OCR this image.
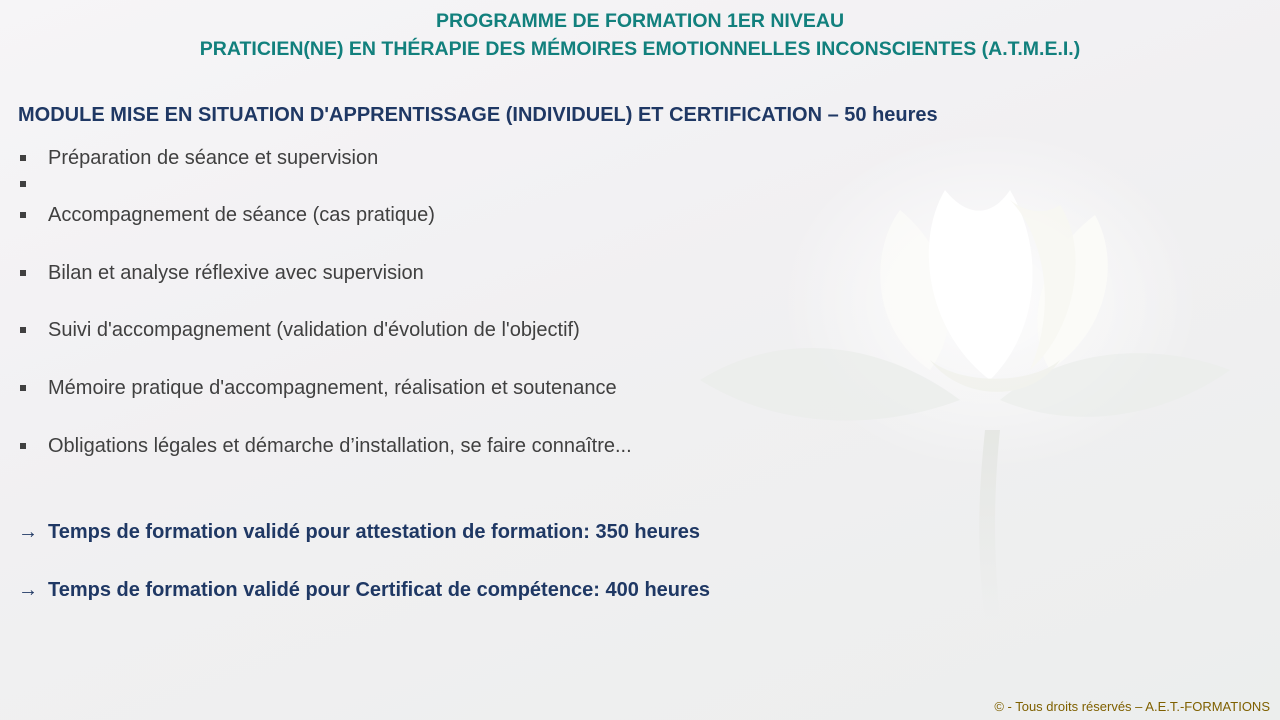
PROGRAMME DE FORMATION 1ER NIVEAU
PRATICIEN(NE) EN THÉRAPIE DES MÉMOIRES EMOTIONNELLES INCONSCIENTES (A.T.M.E.I.)
MODULE MISE EN SITUATION D'APPRENTISSAGE (INDIVIDUEL) ET CERTIFICATION – 50 heures
Préparation de séance et supervision
Accompagnement de séance (cas pratique)
Bilan et analyse réflexive avec supervision
Suivi d'accompagnement (validation d'évolution de l'objectif)
Mémoire pratique d'accompagnement, réalisation et soutenance
Obligations légales et démarche d’installation, se faire connaître...
→ Temps de formation validé pour attestation de formation: 350 heures
→ Temps de formation validé pour Certificat de compétence: 400 heures
© - Tous droits réservés – A.E.T.-FORMATIONS
